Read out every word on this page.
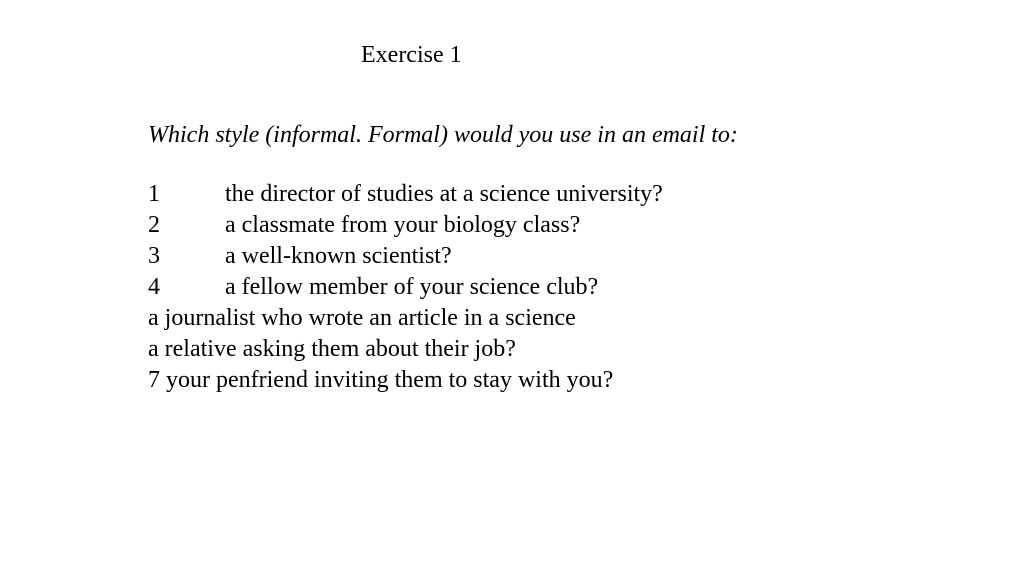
Exercise 1
Which style (informal. Formal) would you use in an email to:
1	the director of studies at a science university?
2	a classmate from your biology class?
3	a well-known scientist?
4	a fellow member of your science club?
a journalist who wrote an article in a science
a relative asking them about their job?
7 your penfriend inviting them to stay with you?
